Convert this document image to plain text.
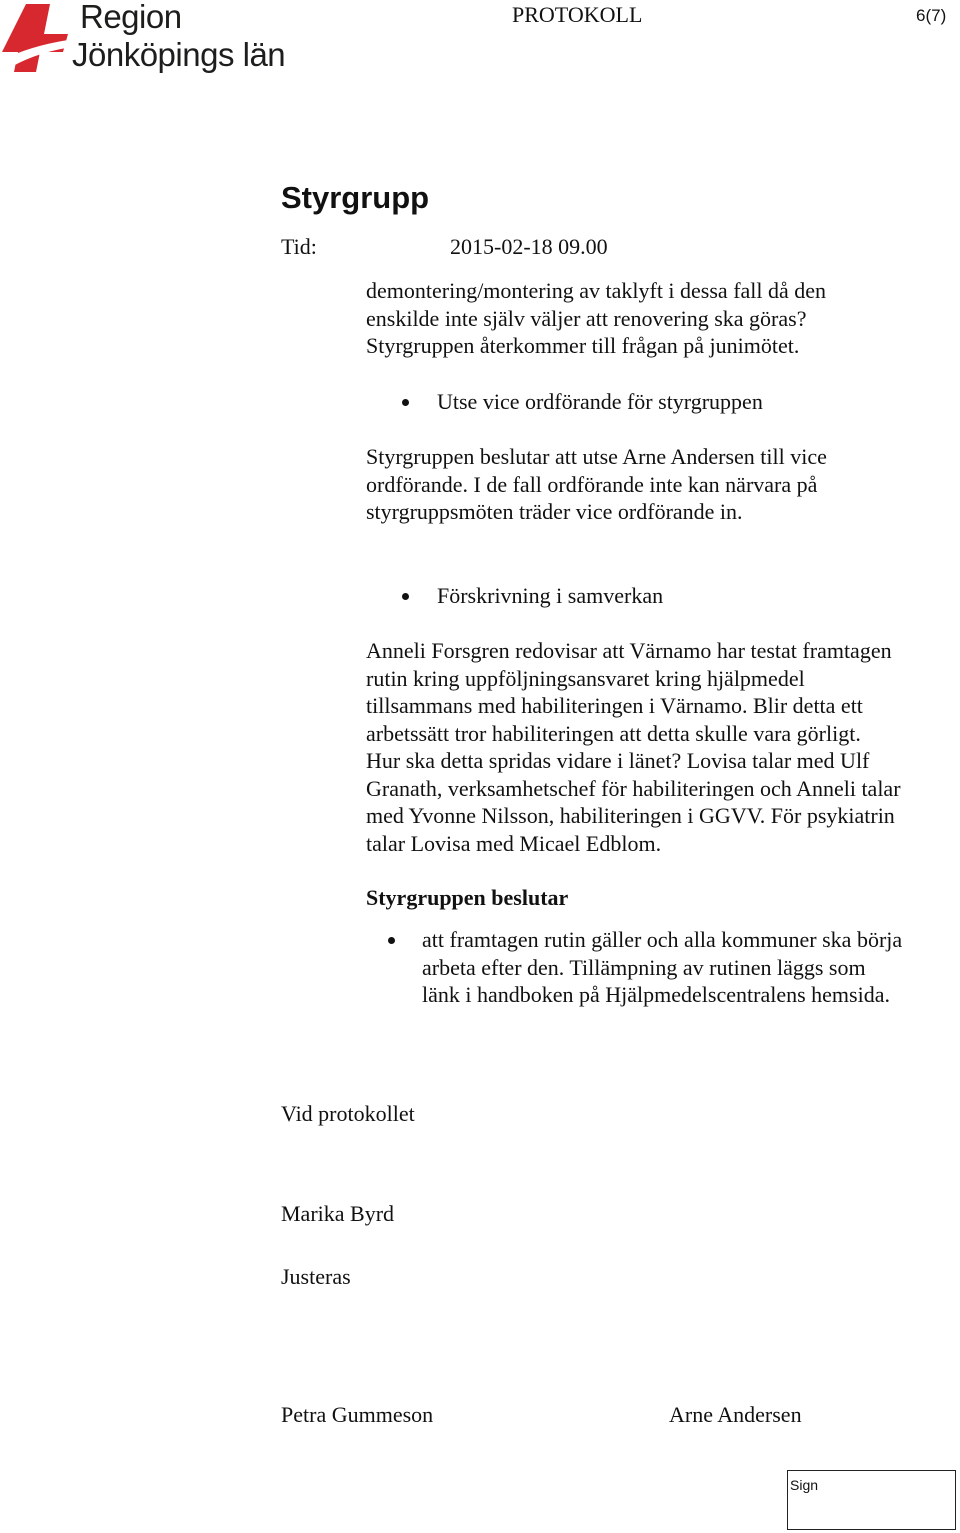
Region
Jönköpings län
PROTOKOLL	6(7)
Styrgrupp
Tid:	2015-02-18 09.00
demontering/montering av taklyft i dessa fall då den
enskilde inte själv väljer att renovering ska göras?
Styrgruppen återkommer till frågan på junimötet.
Utse vice ordförande för styrgruppen
Styrgruppen beslutar att utse Arne Andersen till vice
ordförande. I de fall ordförande inte kan närvara på
styrgruppsmöten träder vice ordförande in.
Förskrivning i samverkan
Anneli Forsgren redovisar att Värnamo har testat framtagen
rutin kring uppföljningsansvaret kring hjälpmedel
tillsammans med habiliteringen i Värnamo. Blir detta ett
arbetssätt tror habiliteringen att detta skulle vara görligt.
Hur ska detta spridas vidare i länet? Lovisa talar med Ulf
Granath, verksamhetschef för habiliteringen och Anneli talar
med Yvonne Nilsson, habiliteringen i GGVV. För psykiatrin
talar Lovisa med Micael Edblom.
Styrgruppen beslutar
att framtagen rutin gäller och alla kommuner ska börja
arbeta efter den. Tillämpning av rutinen läggs som
länk i handboken på Hjälpmedelscentralens hemsida.
Vid protokollet
Marika Byrd
Justeras
Petra Gummeson	Arne Andersen
Sign
